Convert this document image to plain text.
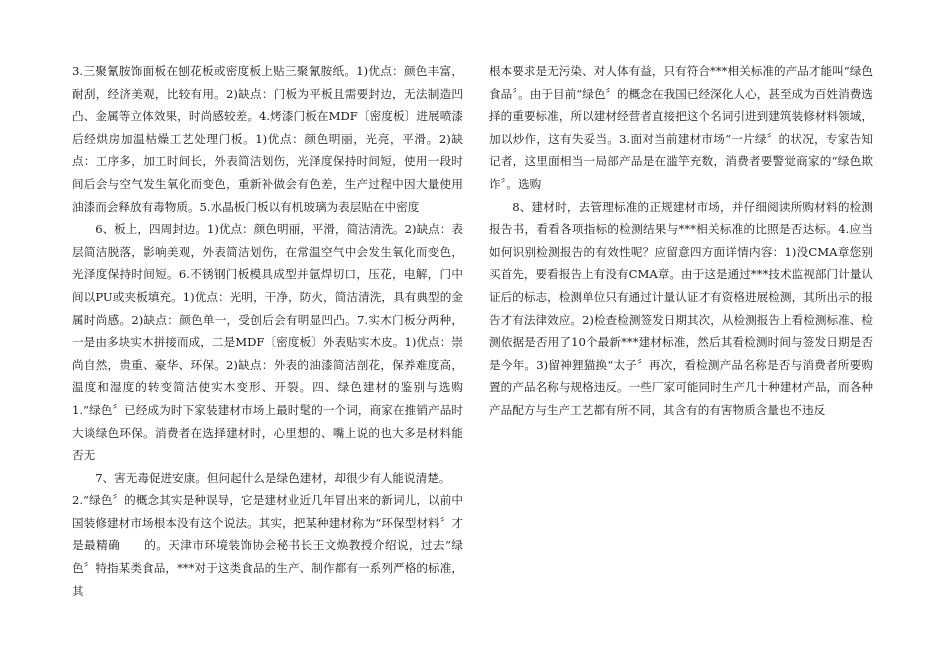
3.三聚氰胺饰面板在刨花板或密度板上贴三聚氰胺纸。1)优点：颜色丰富，耐刮，经济美观，比较有用。2)缺点：门板为平板且需要封边，无法制造凹凸、金属等立体效果，时尚感较差。4.烤漆门板在MDF〔密度板〕进展喷漆后经烘房加温枯燥工艺处理门板。1)优点：颜色明丽，光亮，平滑。2)缺点：工序多，加工时间长，外表简洁划伤，光泽度保持时间短，使用一段时间后会与空气发生氧化而变色，重新补做会有色差，生产过程中因大量使用油漆而会释放有毒物质。5.水晶板门板以有机玻璃为表层贴在中密度

6、板上，四周封边。1)优点：颜色明丽，平滑，简洁清洗。2)缺点：表层简洁脱落，影响美观，外表简洁划伤，在常温空气中会发生氧化而变色，光泽度保持时间短。6.不锈钢门板模具成型并氩焊切口，压花，电解，门中间以PU或夹板填充。1)优点：光明，干净，防火，简洁清洗，具有典型的金属时尚感。2)缺点：颜色单一，受创后会有明显凹凸。7.实木门板分两种，一是由多块实木拼接而成，二是MDF〔密度板〕外表贴实木皮。1)优点：崇尚自然，贵重、豪华、环保。2)缺点：外表的油漆简洁剖花，保养难度高，温度和湿度的转变简洁使实木变形、开裂。四、绿色建材的鉴别与选购 1.“绿色〞已经成为时下家装建材市场上最时髦的一个词，商家在推销产品时大谈绿色环保。消费者在选择建材时，心里想的、嘴上说的也大多是材料能否无

7、害无毒促进安康。但问起什么是绿色建材，却很少有人能说清楚。

2.“绿色〞的概念其实是种误导，它是建材业近几年冒出来的新词儿，以前中国装修建材市场根本没有这个说法。其实，把某种建材称为“环保型材料〞才是最精确　　的。天津市环境装饰协会秘书长王文焕教授介绍说，过去“绿色〞特指某类食品，***对于这类食品的生产、制作都有一系列严格的标准，其

根本要求是无污染、对人体有益，只有符合***相关标准的产品才能叫“绿色食品〞。由于目前“绿色〞的概念在我国已经深化人心，甚至成为百姓消费选择的重要标准，所以建材经营者直接把这个名词引进到建筑装修材料领域，加以炒作，这有失妥当。3.面对当前建材市场“一片绿〞的状况，专家告知记者，这里面相当一局部产品是在滥竽充数，消费者要警觉商家的“绿色欺诈〞。选购

8、建材时，去管理标准的正规建材市场，并仔细阅读所购材料的检测报告书，看看各项指标的检测结果与***相关标准的比照是否达标。4.应当如何识别检测报告的有效性呢？应留意四方面详情内容：1)没CMA章您别买首先，要看报告上有没有CMA章。由于这是通过***技术监视部门计量认证后的标志，检测单位只有通过计量认证才有资格进展检测，其所出示的报告才有法律效应。2)检查检测签发日期其次，从检测报告上看检测标准、检测依据是否用了10个最新***建材标准，然后其看检测时间与签发日期是否是今年。3)留神狸猫换“太子〞再次，看检测产品名称是否与消费者所要购置的产品名称与规格违反。一些厂家可能同时生产几十种建材产品，而各种产品配方与生产工艺都有所不同，其含有的有害物质含量也不违反
